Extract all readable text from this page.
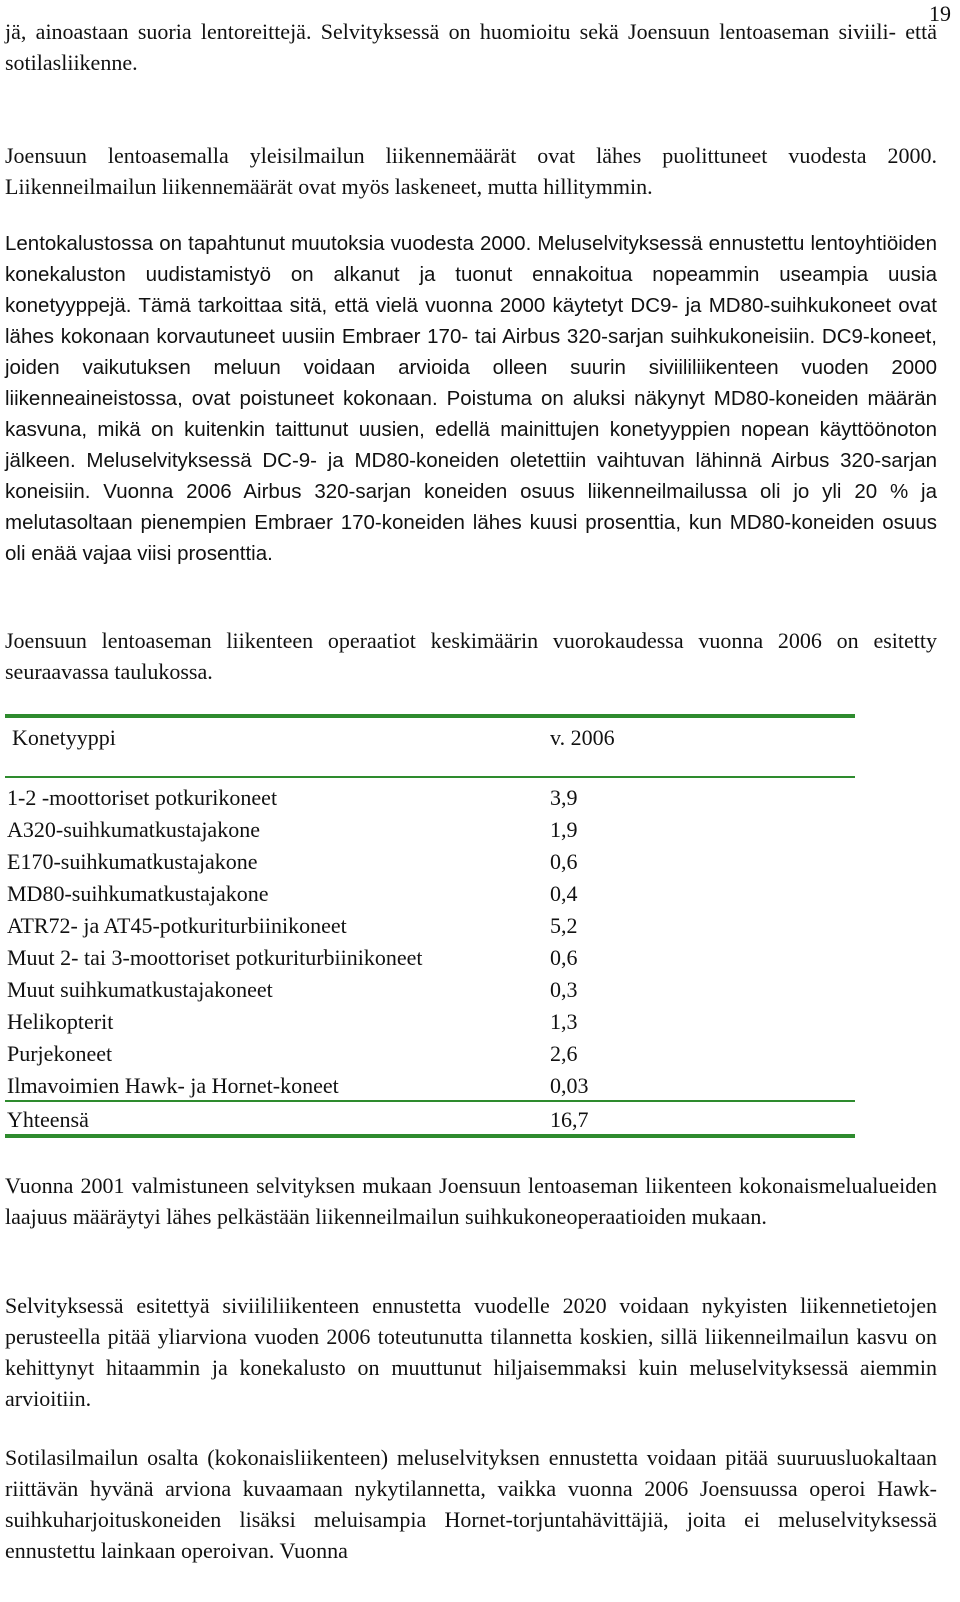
19

jä, ainoastaan suoria lentoreittejä. Selvityksessä on huomioitu sekä Joensuun lentoaseman siviili- että sotilasliikenne.

Joensuun lentoasemalla yleisilmailun liikennemäärät ovat lähes puolittuneet vuodesta 2000. Liikenneilmailun liikennemäärät ovat myös laskeneet, mutta hillitymmin.

Lentokalustossa on tapahtunut muutoksia vuodesta 2000. Meluselvityksessä ennustettu lentoyhtiöiden konekaluston uudistamistyö on alkanut ja tuonut ennakoitua nopeammin useampia uusia konetyyppejä. Tämä tarkoittaa sitä, että vielä vuonna 2000 käytetyt DC9- ja MD80-suihkukoneet ovat lähes kokonaan korvautuneet uusiin Embraer 170- tai Airbus 320-sarjan suihkukoneisiin. DC9-koneet, joiden vaikutuksen meluun voidaan arvioida olleen suurin siviililiikenteen vuoden 2000 liikenneaineistossa, ovat poistuneet kokonaan. Poistuma on aluksi näkynyt MD80-koneiden määrän kasvuna, mikä on kuitenkin taittunut uusien, edellä mainittujen konetyyppien nopean käyttöönoton jälkeen. Meluselvityksessä DC-9- ja MD80-koneiden oletettiin vaihtuvan lähinnä Airbus 320-sarjan koneisiin. Vuonna 2006 Airbus 320-sarjan koneiden osuus liikenneilmailussa oli jo yli 20 % ja melutasoltaan pienempien Embraer 170-koneiden lähes kuusi prosenttia, kun MD80-koneiden osuus oli enää vajaa viisi prosenttia.

Joensuun lentoaseman liikenteen operaatiot keskimäärin vuorokaudessa vuonna 2006 on esitetty seuraavassa taulukossa.

Konetyyppi	v. 2006
1-2 -moottoriset potkurikoneet	3,9
A320-suihkumatkustajakone	1,9
E170-suihkumatkustajakone	0,6
MD80-suihkumatkustajakone	0,4
ATR72- ja AT45-potkuriturbiinikoneet	5,2
Muut 2- tai 3-moottoriset potkuriturbiinikoneet	0,6
Muut suihkumatkustajakoneet	0,3
Helikopterit	1,3
Purjekoneet	2,6
Ilmavoimien Hawk- ja Hornet-koneet	0,03
Yhteensä	16,7

Vuonna 2001 valmistuneen selvityksen mukaan Joensuun lentoaseman liikenteen kokonaismelualueiden laajuus määräytyi lähes pelkästään liikenneilmailun suihkukoneoperaatioiden mukaan.

Selvityksessä esitettyä siviililiikenteen ennustetta vuodelle 2020 voidaan nykyisten liikennetietojen perusteella pitää yliarviona vuoden 2006 toteutunutta tilannetta koskien, sillä liikenneilmailun kasvu on kehittynyt hitaammin ja konekalusto on muuttunut hiljaisemmaksi kuin meluselvityksessä aiemmin arvioitiin.

Sotilasilmailun osalta (kokonaisliikenteen) meluselvityksen ennustetta voidaan pitää suuruusluokaltaan riittävän hyvänä arviona kuvaamaan nykytilannetta, vaikka vuonna 2006 Joensuussa operoi Hawk-suihkuharjoituskoneiden lisäksi meluisampia Hornet-torjuntahävittäjiä, joita ei meluselvityksessä ennustettu lainkaan operoivan. Vuonna
